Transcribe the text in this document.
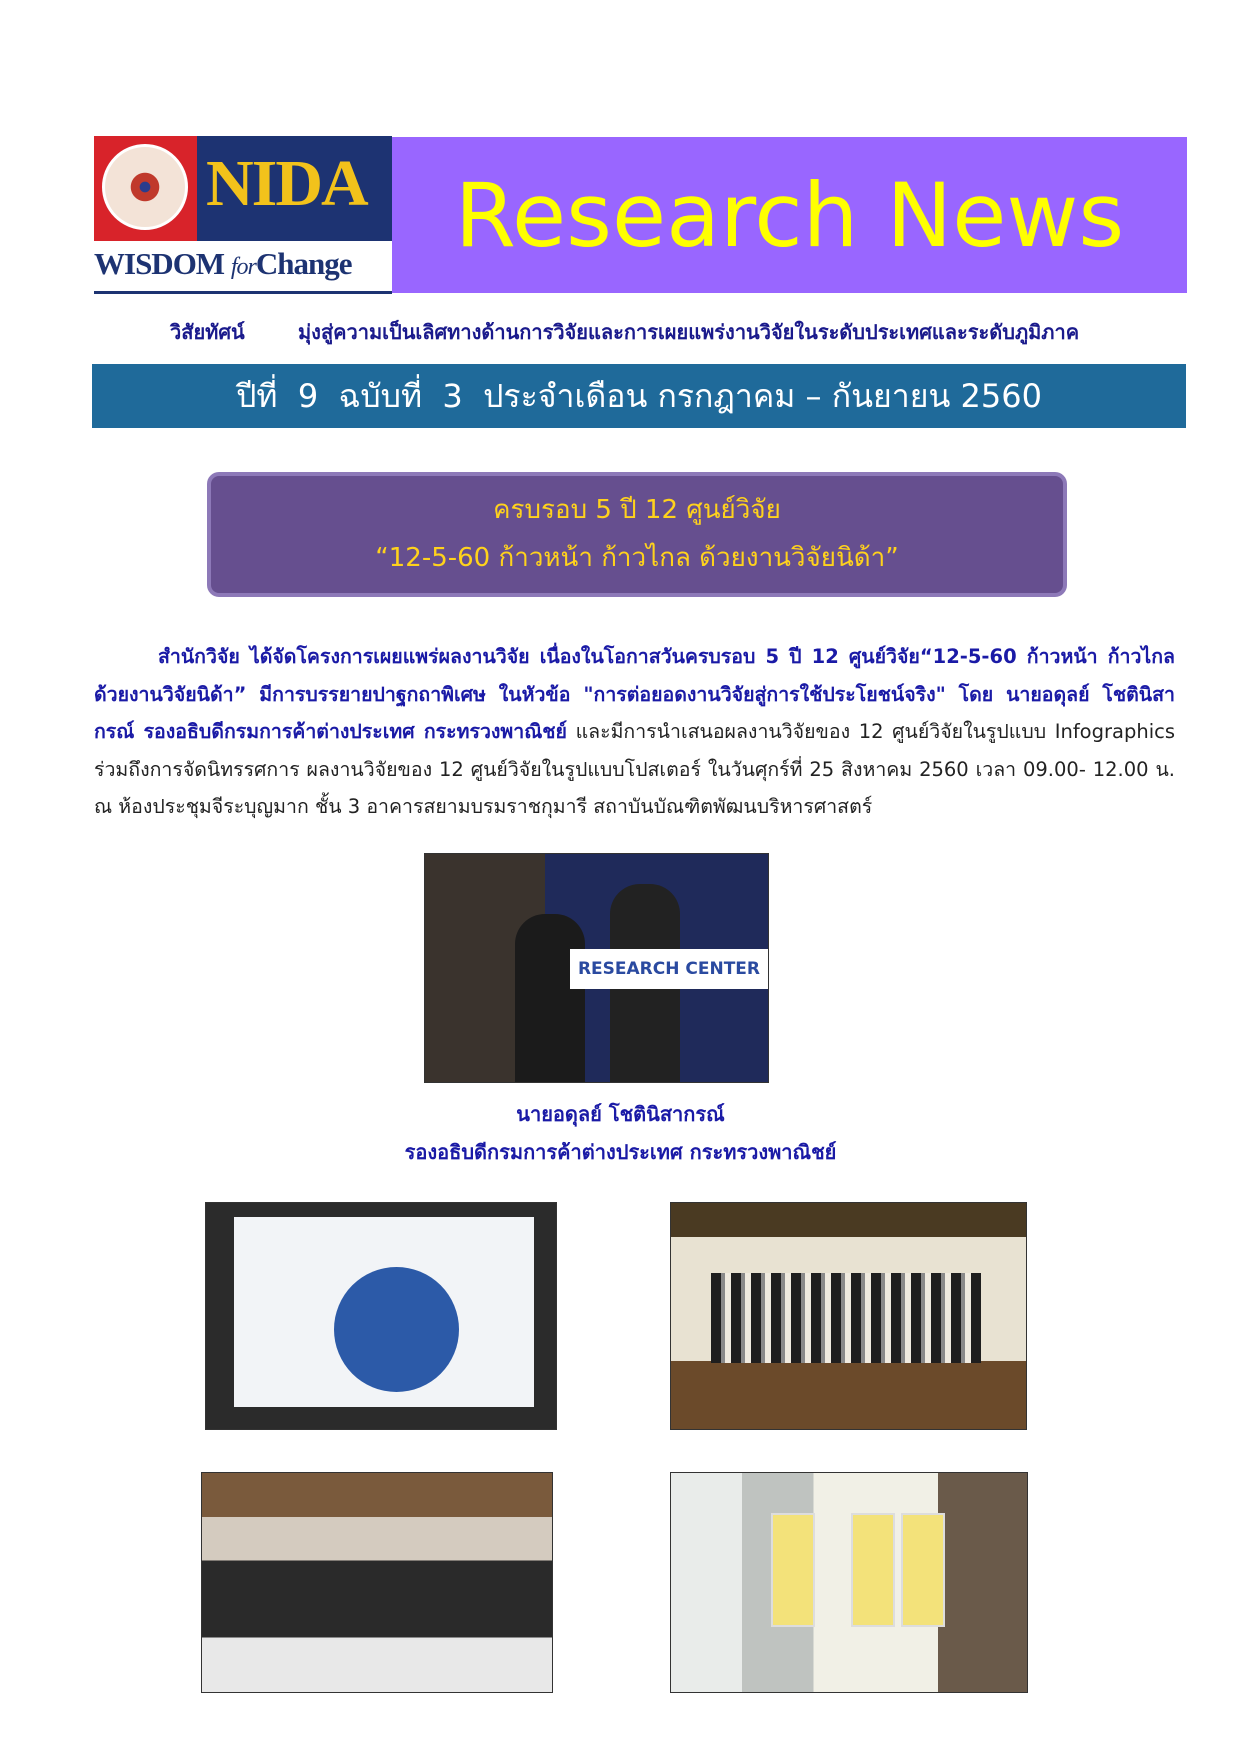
NIDA
WISDOM forChange Research News
วิสัยทัศน์	มุ่งสู่ความเป็นเลิศทางด้านการวิจัยและการเผยแพร่งานวิจัยในระดับประเทศและระดับภูมิภาค
ปีที่  9  ฉบับที่  3  ประจำเดือน กรกฎาคม – กันยายน 2560
ครบรอบ 5 ปี 12 ศูนย์วิจัย
“12-5-60 ก้าวหน้า ก้าวไกล ด้วยงานวิจัยนิด้า”
สำนักวิจัย ได้จัดโครงการเผยแพร่ผลงานวิจัย เนื่องในโอกาสวันครบรอบ 5 ปี 12 ศูนย์วิจัย“12-5-60 ก้าวหน้า ก้าวไกล ด้วยงานวิจัยนิด้า” มีการบรรยายปาฐกถาพิเศษ ในหัวข้อ "การต่อยอดงานวิจัยสู่การใช้ประโยชน์จริง" โดย นายอดุลย์ โชตินิสากรณ์ รองอธิบดีกรมการค้าต่างประเทศ กระทรวงพาณิชย์ และมีการนำเสนอผลงานวิจัยของ 12 ศูนย์วิจัยในรูปแบบ Infographics ร่วมถึงการจัดนิทรรศการ ผลงานวิจัยของ 12 ศูนย์วิจัยในรูปแบบโปสเตอร์ ในวันศุกร์ที่ 25 สิงหาคม 2560 เวลา 09.00- 12.00 น. ณ ห้องประชุมจีระบุญมาก ชั้น 3 อาคารสยามบรมราชกุมารี สถาบันบัณฑิตพัฒนบริหารศาสตร์
RESEARCH CENTER
นายอดุลย์ โชตินิสากรณ์
รองอธิบดีกรมการค้าต่างประเทศ กระทรวงพาณิชย์
